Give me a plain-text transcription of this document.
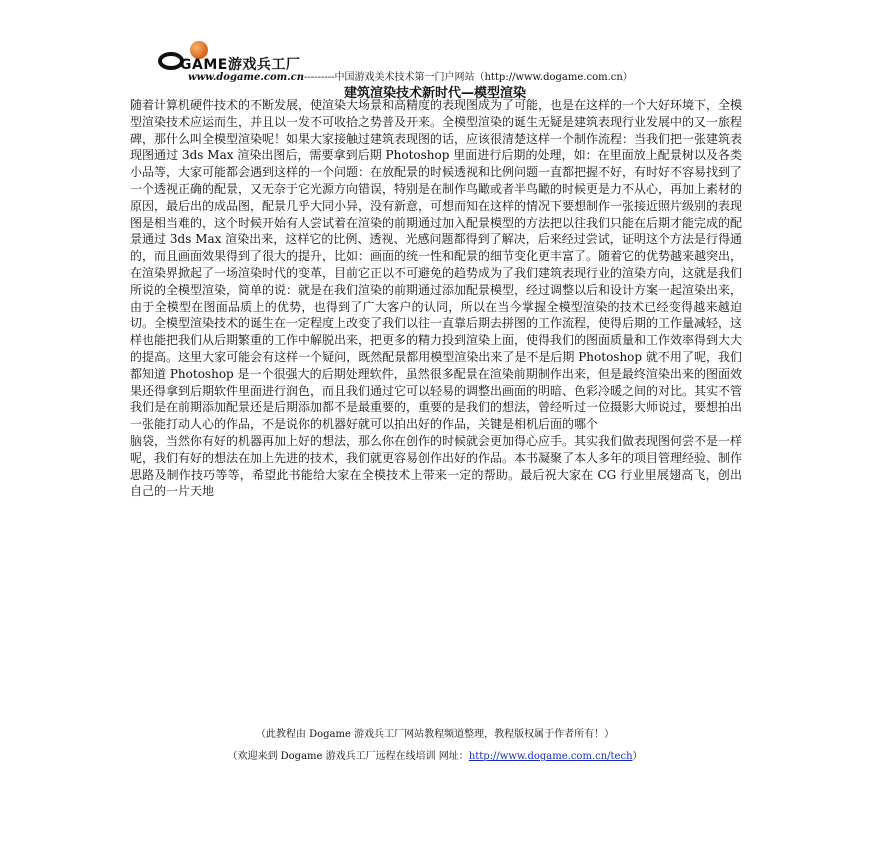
GAME游戏兵工厂
www.dogame.com.cn---------中国游戏美术技术第一门户网站（http://www.dogame.com.cn）
建筑渲染技术新时代—模型渲染

随着计算机硬件技术的不断发展，使渲染大场景和高精度的表现图成为了可能，也是在这样的一个大好环境下，全模型渲染技术应运而生，并且以一发不可收拾之势普及开来。全模型渲染的诞生无疑是建筑表现行业发展中的又一旅程碑，那什么叫全模型渲染呢！如果大家接触过建筑表现图的话，应该很清楚这样一个制作流程：当我们把一张建筑表现图通过 3ds Max 渲染出图后，需要拿到后期 Photoshop 里面进行后期的处理，如：在里面放上配景树以及各类小品等，大家可能都会遇到这样的一个问题：在放配景的时候透视和比例问题一直都把握不好，有时好不容易找到了一个透视正确的配景，又无奈于它光源方向错误，特别是在制作鸟瞰或者半鸟瞰的时候更是力不从心，再加上素材的原因，最后出的成品图，配景几乎大同小异，没有新意，可想而知在这样的情况下要想制作一张接近照片级别的表现图是相当难的，这个时候开始有人尝试着在渲染的前期通过加入配景模型的方法把以往我们只能在后期才能完成的配景通过 3ds Max 渲染出来，这样它的比例、透视、光感问题都得到了解决，后来经过尝试，证明这个方法是行得通的，而且画面效果得到了很大的提升，比如：画面的统一性和配景的细节变化更丰富了。随着它的优势越来越突出，在渲染界掀起了一场渲染时代的变革，目前它正以不可避免的趋势成为了我们建筑表现行业的渲染方向，这就是我们所说的全模型渲染，简单的说：就是在我们渲染的前期通过添加配景模型，经过调整以后和设计方案一起渲染出来，由于全模型在图面品质上的优势，也得到了广大客户的认同，所以在当今掌握全模型渲染的技术已经变得越来越迫切。全模型渲染技术的诞生在一定程度上改变了我们以往一直靠后期去拼图的工作流程，使得后期的工作量减轻，这样也能把我们从后期繁重的工作中解脱出来，把更多的精力投到渲染上面，使得我们的图面质量和工作效率得到大大的提高。这里大家可能会有这样一个疑问，既然配景都用模型渲染出来了是不是后期 Photoshop 就不用了呢，我们都知道 Photoshop 是一个很强大的后期处理软件，虽然很多配景在渲染前期制作出来，但是最终渲染出来的图面效果还得拿到后期软件里面进行润色，而且我们通过它可以轻易的调整出画面的明暗、色彩冷暖之间的对比。其实不管我们是在前期添加配景还是后期添加都不是最重要的，重要的是我们的想法，曾经听过一位摄影大师说过，要想拍出一张能打动人心的作品，不是说你的机器好就可以拍出好的作品，关键是相机后面的哪个

脑袋，当然你有好的机器再加上好的想法，那么你在创作的时候就会更加得心应手。其实我们做表现图何尝不是一样呢，我们有好的想法在加上先进的技术，我们就更容易创作出好的作品。本书凝聚了本人多年的项目管理经验、制作思路及制作技巧等等，希望此书能给大家在全模技术上带来一定的帮助。最后祝大家在 CG 行业里展翅高飞，创出自己的一片天地

（此教程由 Dogame 游戏兵工厂网站教程频道整理，教程版权属于作者所有！）
（欢迎来到 Dogame 游戏兵工厂远程在线培训 网址：http://www.dogame.com.cn/tech）
